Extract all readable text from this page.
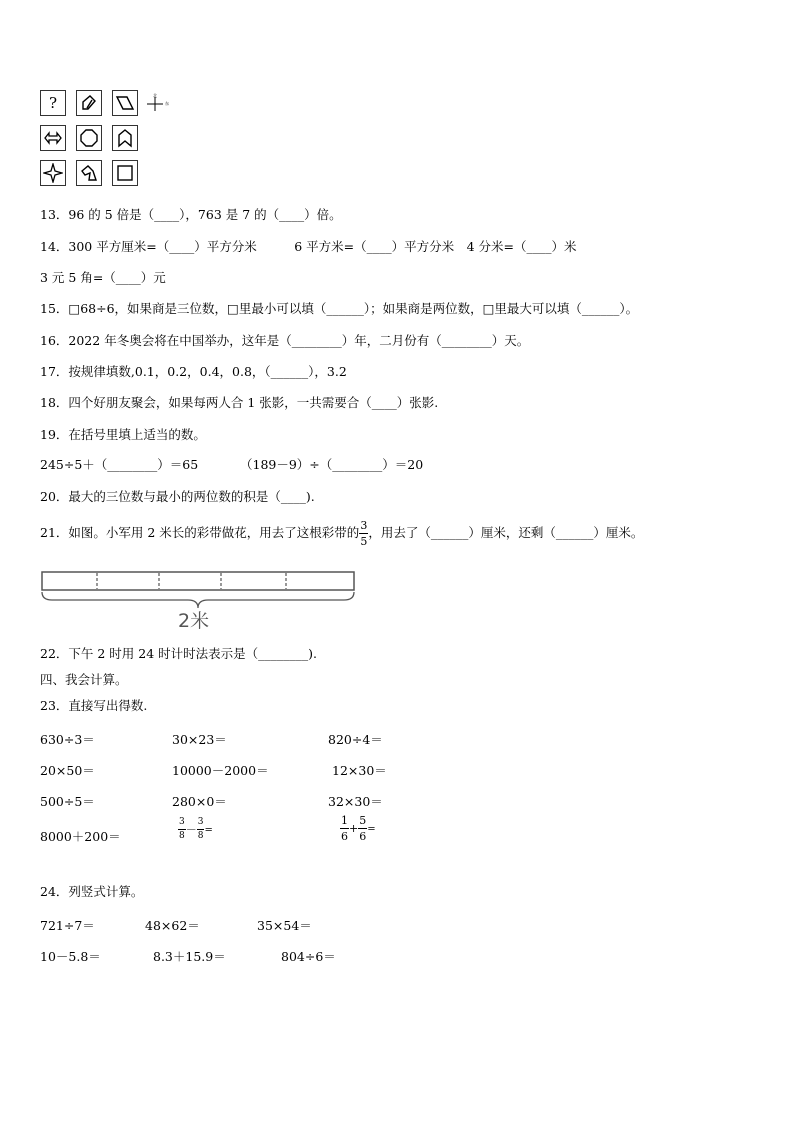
?	北
东
13．96 的 5 倍是（____），763 是 7 的（____）倍。
14．300 平方厘米=（____）平方分米　　　6 平方米=（____）平方分米　4 分米=（____）米
3 元 5 角=（____）元
15．□68÷6，如果商是三位数，□里最小可以填（______）；如果商是两位数，□里最大可以填（______）。
16．2022 年冬奥会将在中国举办，这年是（________）年，二月份有（________）天。
17．按规律填数,0.1，0.2，0.4，0.8，（______），3.2
18．四个好朋友聚会，如果每两人合 1 张影，一共需要合（____）张影.
19．在括号里填上适当的数。
245÷5＋（________）＝65	（189－9）÷（________）＝20
20．最大的三位数与最小的两位数的积是（____).
21．如图。小军用 2 米长的彩带做花，用去了这根彩带的 $\frac{3}{5}$ ，用去了（______）厘米，还剩（______）厘米。
2米
22．下午 2 时用 24 时计时法表示是（________).
四、我会计算。
23．直接写出得数.
630÷3＝	30×23＝	820÷4＝
20×50＝	10000－2000＝	12×30＝
500÷5＝	280×0＝	32×30＝
8000＋200＝	$\frac{3}{8} - \frac{3}{8}$ =	$\frac{1}{6} + \frac{5}{6}$ =
24．列竖式计算。
721÷7＝	48×62＝	35×54＝
10－5.8＝	8.3＋15.9＝	804÷6＝
